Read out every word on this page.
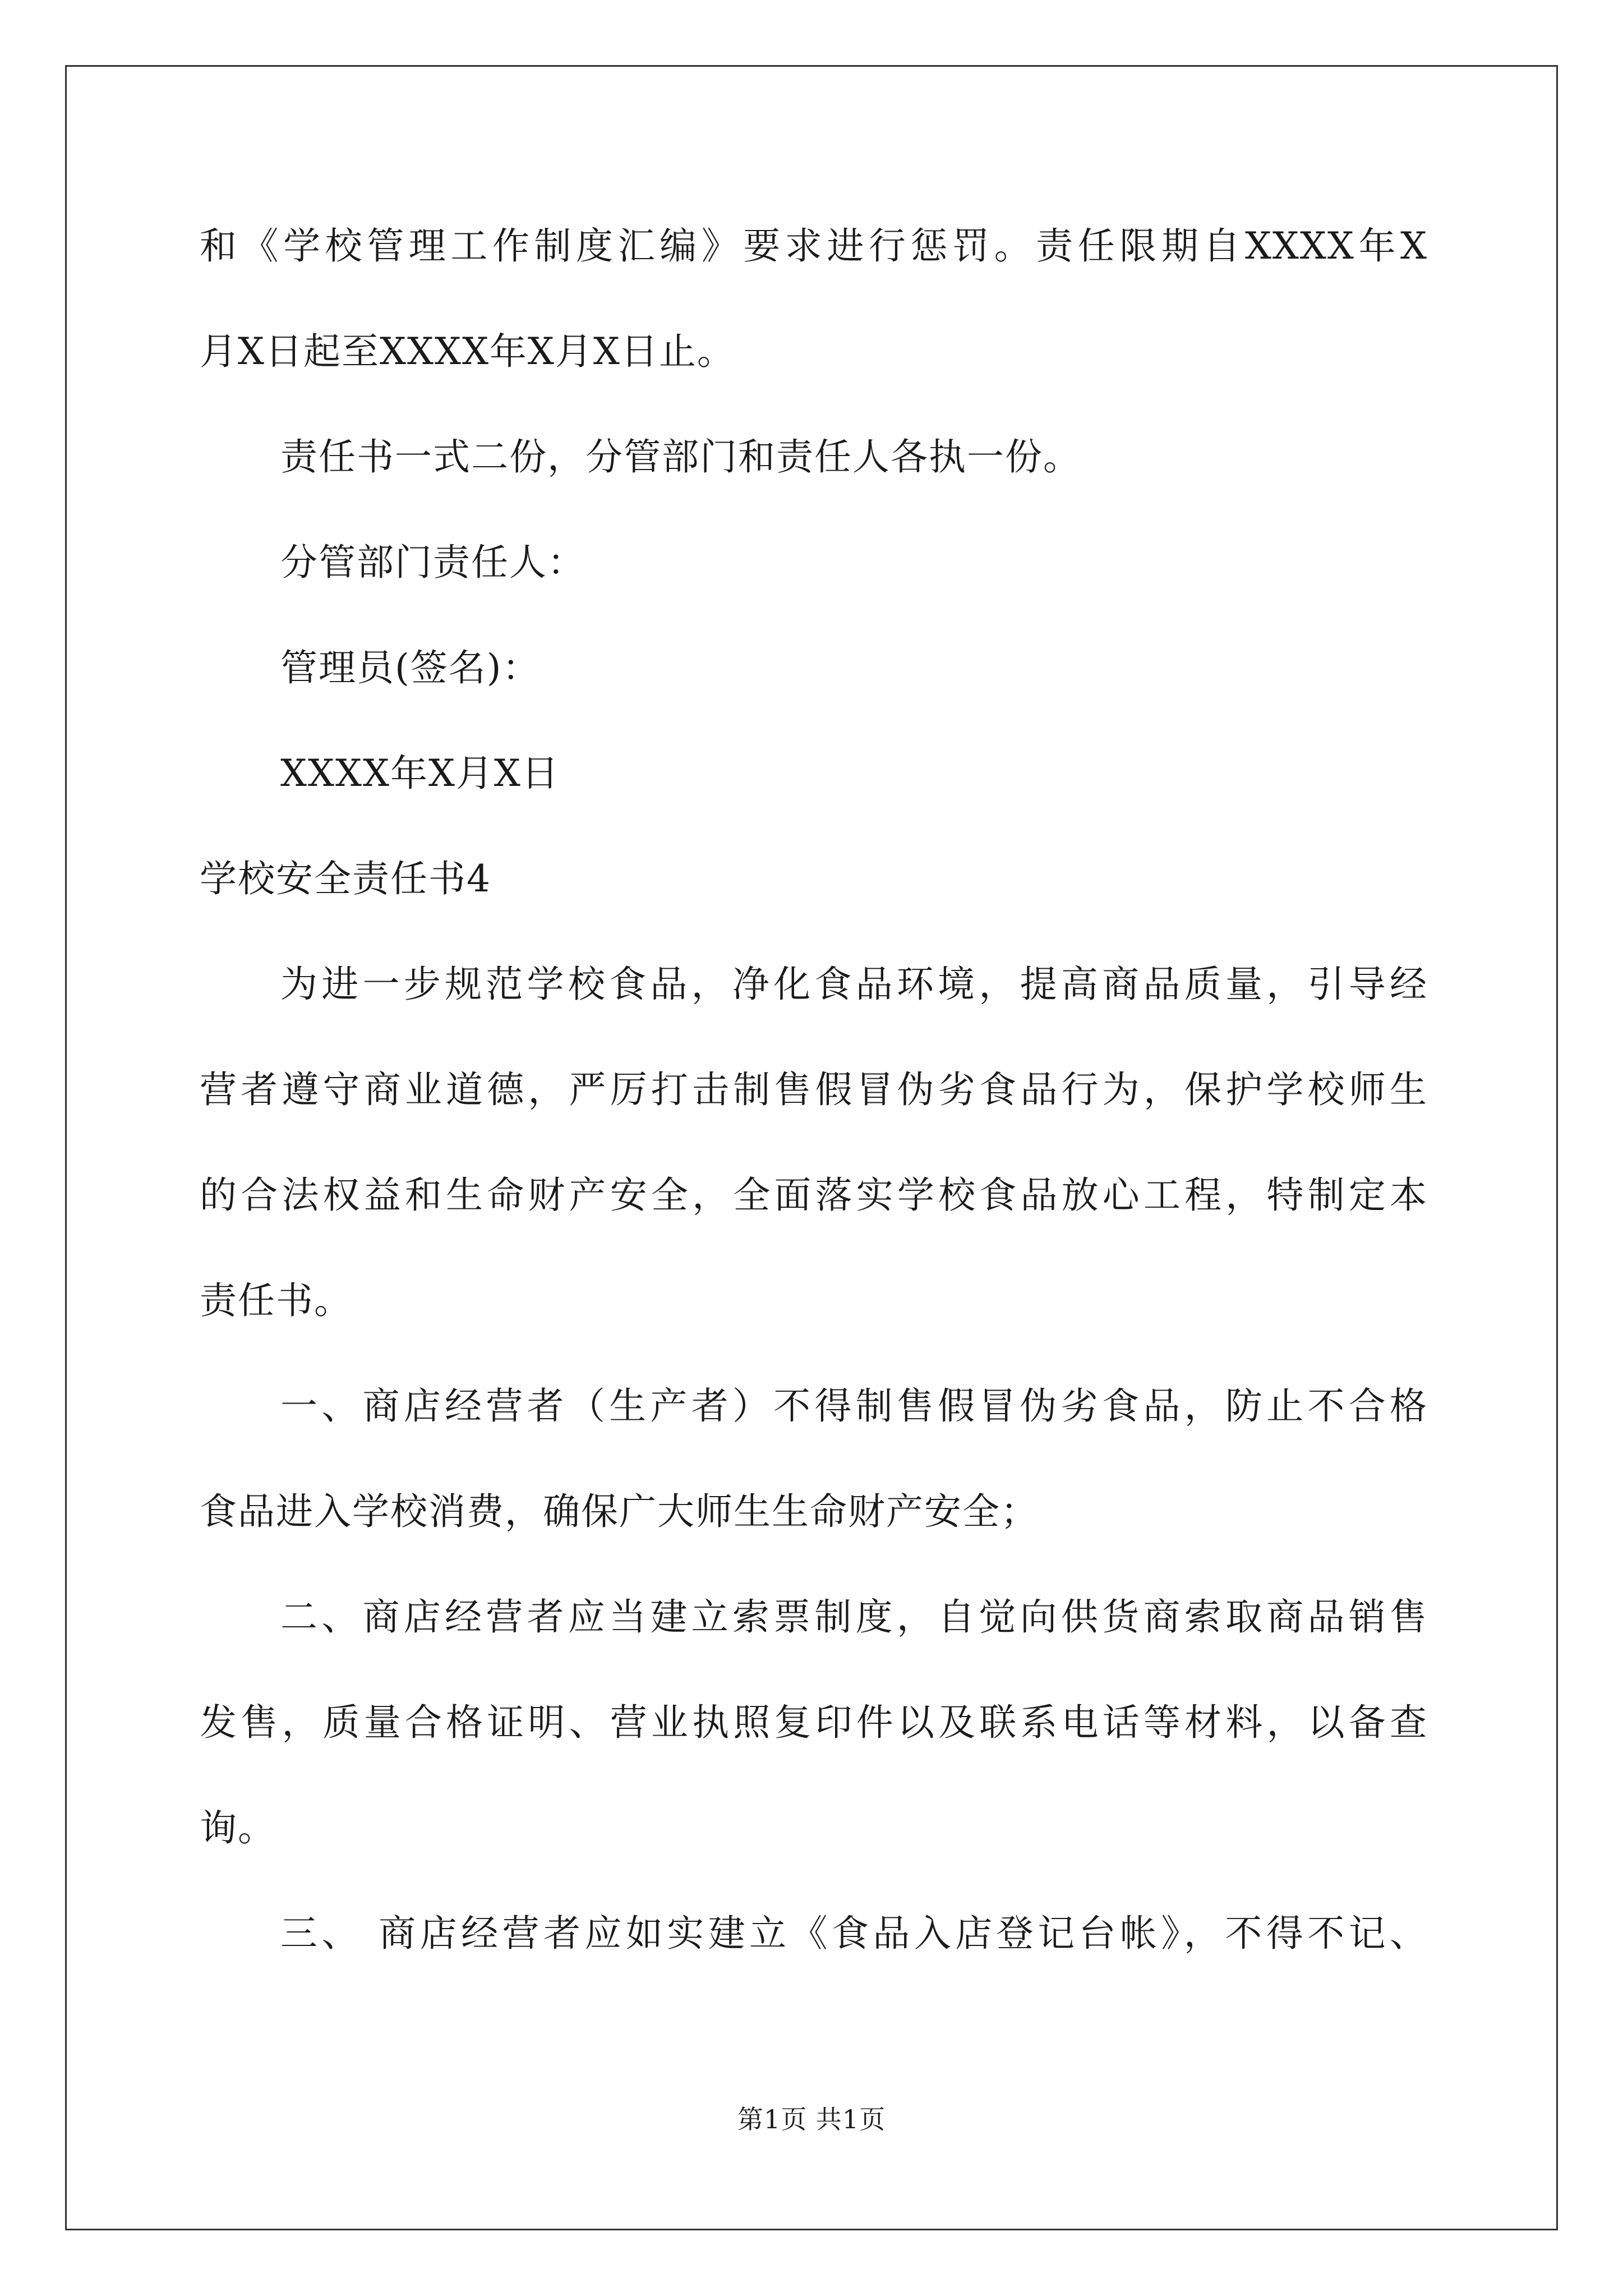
和《学校管理工作制度汇编》要求进行惩罚。责任限期自XXXX年X

月X日起至XXXX年X月X日止。

责任书一式二份，分管部门和责任人各执一份。

分管部门责任人：

管理员(签名)：

XXXX年X月X日

学校安全责任书4

为进一步规范学校食品，净化食品环境，提高商品质量，引导经

营者遵守商业道德，严厉打击制售假冒伪劣食品行为，保护学校师生

的合法权益和生命财产安全，全面落实学校食品放心工程，特制定本

责任书。

一、商店经营者（生产者）不得制售假冒伪劣食品，防止不合格

食品进入学校消费，确保广大师生生命财产安全；

二、商店经营者应当建立索票制度，自觉向供货商索取商品销售

发售，质量合格证明、营业执照复印件以及联系电话等材料，以备查

询。

三、 商店经营者应如实建立《食品入店登记台帐》，不得不记、

第1页 共1页
